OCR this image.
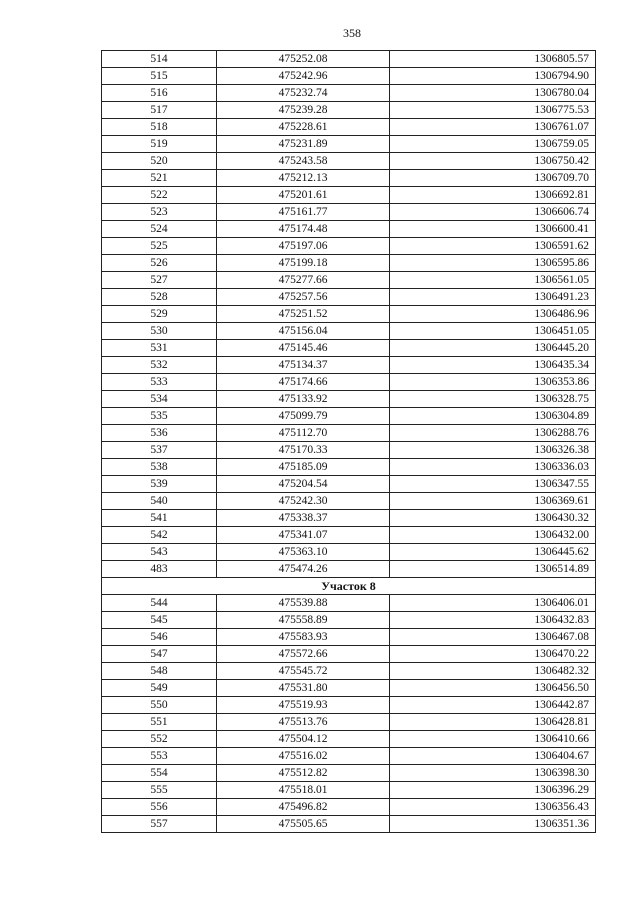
358
514	475252.08	1306805.57
515	475242.96	1306794.90
516	475232.74	1306780.04
517	475239.28	1306775.53
518	475228.61	1306761.07
519	475231.89	1306759.05
520	475243.58	1306750.42
521	475212.13	1306709.70
522	475201.61	1306692.81
523	475161.77	1306606.74
524	475174.48	1306600.41
525	475197.06	1306591.62
526	475199.18	1306595.86
527	475277.66	1306561.05
528	475257.56	1306491.23
529	475251.52	1306486.96
530	475156.04	1306451.05
531	475145.46	1306445.20
532	475134.37	1306435.34
533	475174.66	1306353.86
534	475133.92	1306328.75
535	475099.79	1306304.89
536	475112.70	1306288.76
537	475170.33	1306326.38
538	475185.09	1306336.03
539	475204.54	1306347.55
540	475242.30	1306369.61
541	475338.37	1306430.32
542	475341.07	1306432.00
543	475363.10	1306445.62
483	475474.26	1306514.89
Участок 8		
544	475539.88	1306406.01
545	475558.89	1306432.83
546	475583.93	1306467.08
547	475572.66	1306470.22
548	475545.72	1306482.32
549	475531.80	1306456.50
550	475519.93	1306442.87
551	475513.76	1306428.81
552	475504.12	1306410.66
553	475516.02	1306404.67
554	475512.82	1306398.30
555	475518.01	1306396.29
556	475496.82	1306356.43
557	475505.65	1306351.36
